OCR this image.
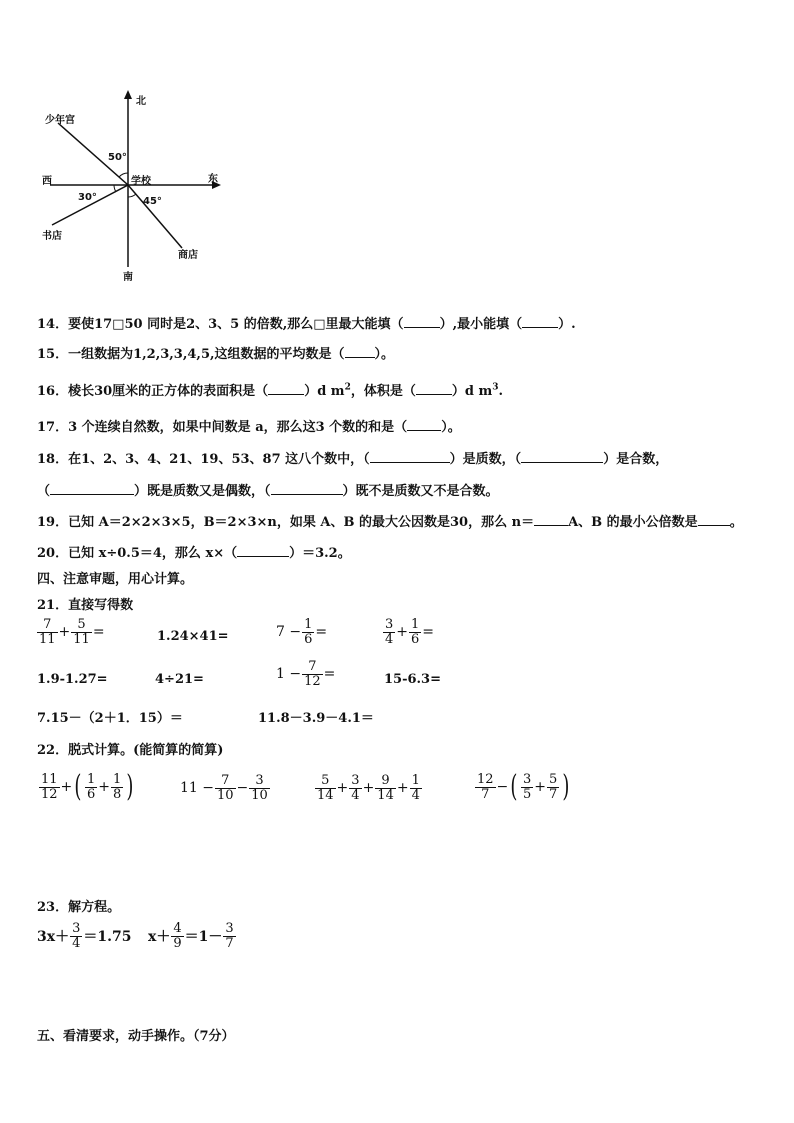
北
南
东
西	学校
少年宫
书店
商店
50°
30°	45°
14．要使17□50 同时是2、3、5 的倍数,那么□里最大能填（	）,最小能填（	）.
15．一组数据为1,2,3,3,4,5,这组数据的平均数是（ ）。
16．棱长30厘米的正方体的表面积是（	）d $m^2$，体积是（	）d $m^3$.
17．3 个连续自然数，如果中间数是 a，那么这3 个数的和是（	）。
18．在1、2、3、4、21、19、53、87 这八个数中，（	）是质数，（	）是合数，
（	）既是质数又是偶数，（	）既不是质数又不是合数。
19．已知 A＝2×2×3×5，B＝2×3×n，如果 A、B 的最大公因数是30，那么 n＝	A、B 的最小公倍数是 。
20．已知 x÷0.5＝4，那么 x×（	）＝3.2。
四、注意审题，用心计算。
21．直接写得数
$\frac{7}{11} + \frac{5}{11}$ =	1.24×41=	$7 - \frac{1}{6}$ =	$\frac{3}{4} + \frac{1}{6}$ =
1.9-1.27=	4÷21=	$1 - \frac{7}{12}$ =	15-6.3=
7.15－（2＋1．15）＝	11.8－3.9－4.1＝
22．脱式计算。(能简算的简算)
$\frac{11}{12}$ +( $\frac{1}{6} + \frac{1}{8}$ )	$11 - \frac{7}{10} - \frac{3}{10}$	$\frac{5}{14} + \frac{3}{4} + \frac{9}{14} + \frac{1}{4}$	$\frac{12}{7}$ −( $\frac{3}{5} + \frac{5}{7}$ )
23．解方程。
$3x+ \frac{3}{4} =1.75$ $x+ \frac{4}{9} =1- \frac{3}{7}$
五、看清要求，动手操作。（7分）
